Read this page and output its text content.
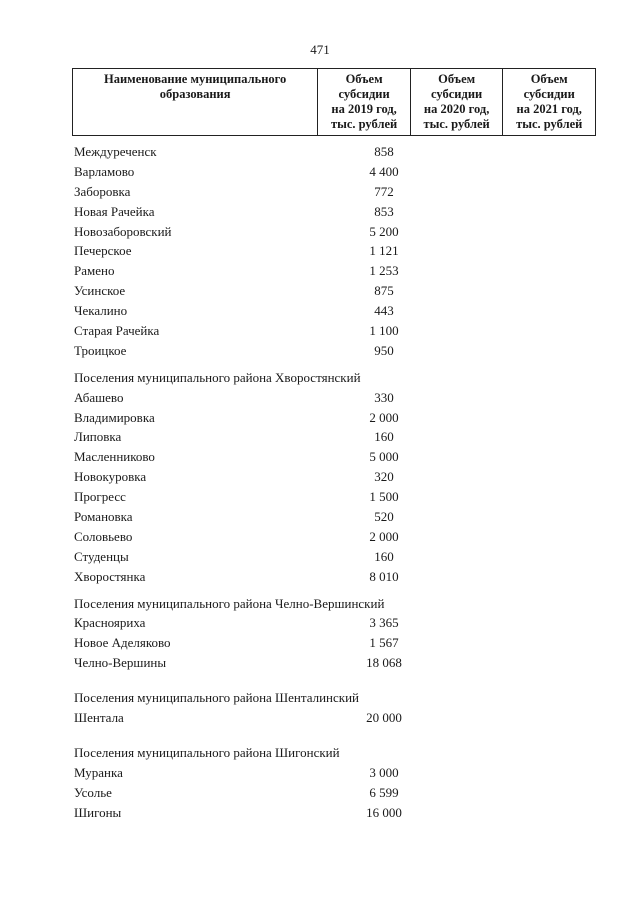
471
Наименование муниципального
образования

Объем
субсидии
на 2019 год,
тыс. рублей

Объем
субсидии
на 2020 год,
тыс. рублей

Объем
субсидии
на 2021 год,
тыс. рублей
Междуреченск	858
Варламово	4 400
Заборовка	772
Новая Рачейка	853
Новозаборовский	5 200
Печерское	1 121
Рамено	1 253
Усинское	875
Чекалино	443
Старая Рачейка	1 100
Троицкое	950
Поселения муниципального района Хворостянский
Абашево	330
Владимировка	2 000
Липовка	160
Масленниково	5 000
Новокуровка	320
Прогресс	1 500
Романовка	520
Соловьево	2 000
Студенцы	160
Хворостянка	8 010
Поселения муниципального района Челно-Вершинский
Краснояриха	3 365
Новое Аделяково	1 567
Челно-Вершины	18 068
Поселения муниципального района Шенталинский
Шентала	20 000
Поселения муниципального района Шигонский
Муранка	3 000
Усолье	6 599
Шигоны	16 000
